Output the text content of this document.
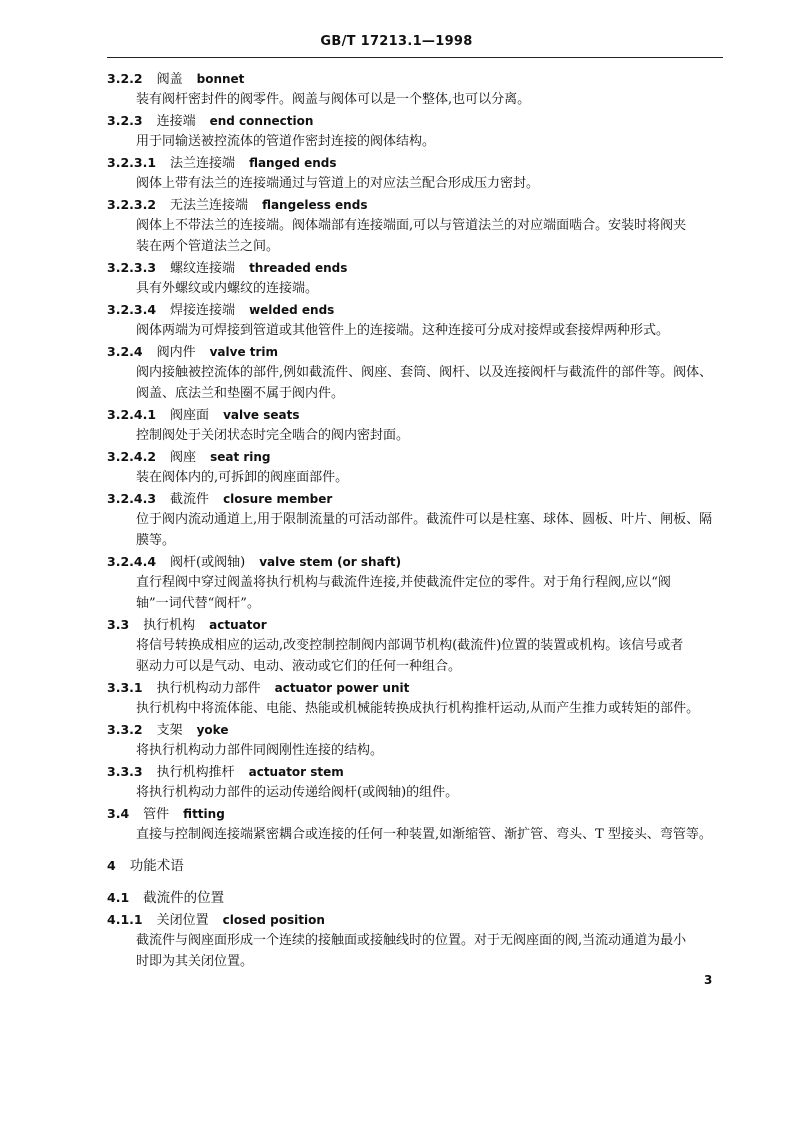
GB/T 17213.1—1998
3.2.2 阀盖 bonnet
装有阀杆密封件的阀零件。阀盖与阀体可以是一个整体,也可以分离。
3.2.3 连接端 end connection
用于同输送被控流体的管道作密封连接的阀体结构。
3.2.3.1 法兰连接端 flanged ends
阀体上带有法兰的连接端通过与管道上的对应法兰配合形成压力密封。
3.2.3.2 无法兰连接端 flangeless ends
阀体上不带法兰的连接端。阀体端部有连接端面,可以与管道法兰的对应端面啮合。安装时将阀夹
装在两个管道法兰之间。
3.2.3.3 螺纹连接端 threaded ends
具有外螺纹或内螺纹的连接端。
3.2.3.4 焊接连接端 welded ends
阀体两端为可焊接到管道或其他管件上的连接端。这种连接可分成对接焊或套接焊两种形式。
3.2.4 阀内件 valve trim
阀内接触被控流体的部件,例如截流件、阀座、套筒、阀杆、以及连接阀杆与截流件的部件等。阀体、
阀盖、底法兰和垫圈不属于阀内件。
3.2.4.1 阀座面 valve seats
控制阀处于关闭状态时完全啮合的阀内密封面。
3.2.4.2 阀座 seat ring
装在阀体内的,可拆卸的阀座面部件。
3.2.4.3 截流件 closure member
位于阀内流动通道上,用于限制流量的可活动部件。截流件可以是柱塞、球体、圆板、叶片、闸板、隔
膜等。
3.2.4.4 阀杆(或阀轴) valve stem (or shaft)
直行程阀中穿过阀盖将执行机构与截流件连接,并使截流件定位的零件。对于角行程阀,应以“阀
轴”一词代替“阀杆”。
3.3 执行机构 actuator
将信号转换成相应的运动,改变控制控制阀内部调节机构(截流件)位置的装置或机构。该信号或者
驱动力可以是气动、电动、液动或它们的任何一种组合。
3.3.1 执行机构动力部件 actuator power unit
执行机构中将流体能、电能、热能或机械能转换成执行机构推杆运动,从而产生推力或转矩的部件。
3.3.2 支架 yoke
将执行机构动力部件同阀刚性连接的结构。
3.3.3 执行机构推杆 actuator stem
将执行机构动力部件的运动传递给阀杆(或阀轴)的组件。
3.4 管件 fitting
直接与控制阀连接端紧密耦合或连接的任何一种装置,如渐缩管、渐扩管、弯头、T 型接头、弯管等。
4 功能术语
4.1 截流件的位置
4.1.1 关闭位置 closed position
截流件与阀座面形成一个连续的接触面或接触线时的位置。对于无阀座面的阀,当流动通道为最小
时即为其关闭位置。
3
